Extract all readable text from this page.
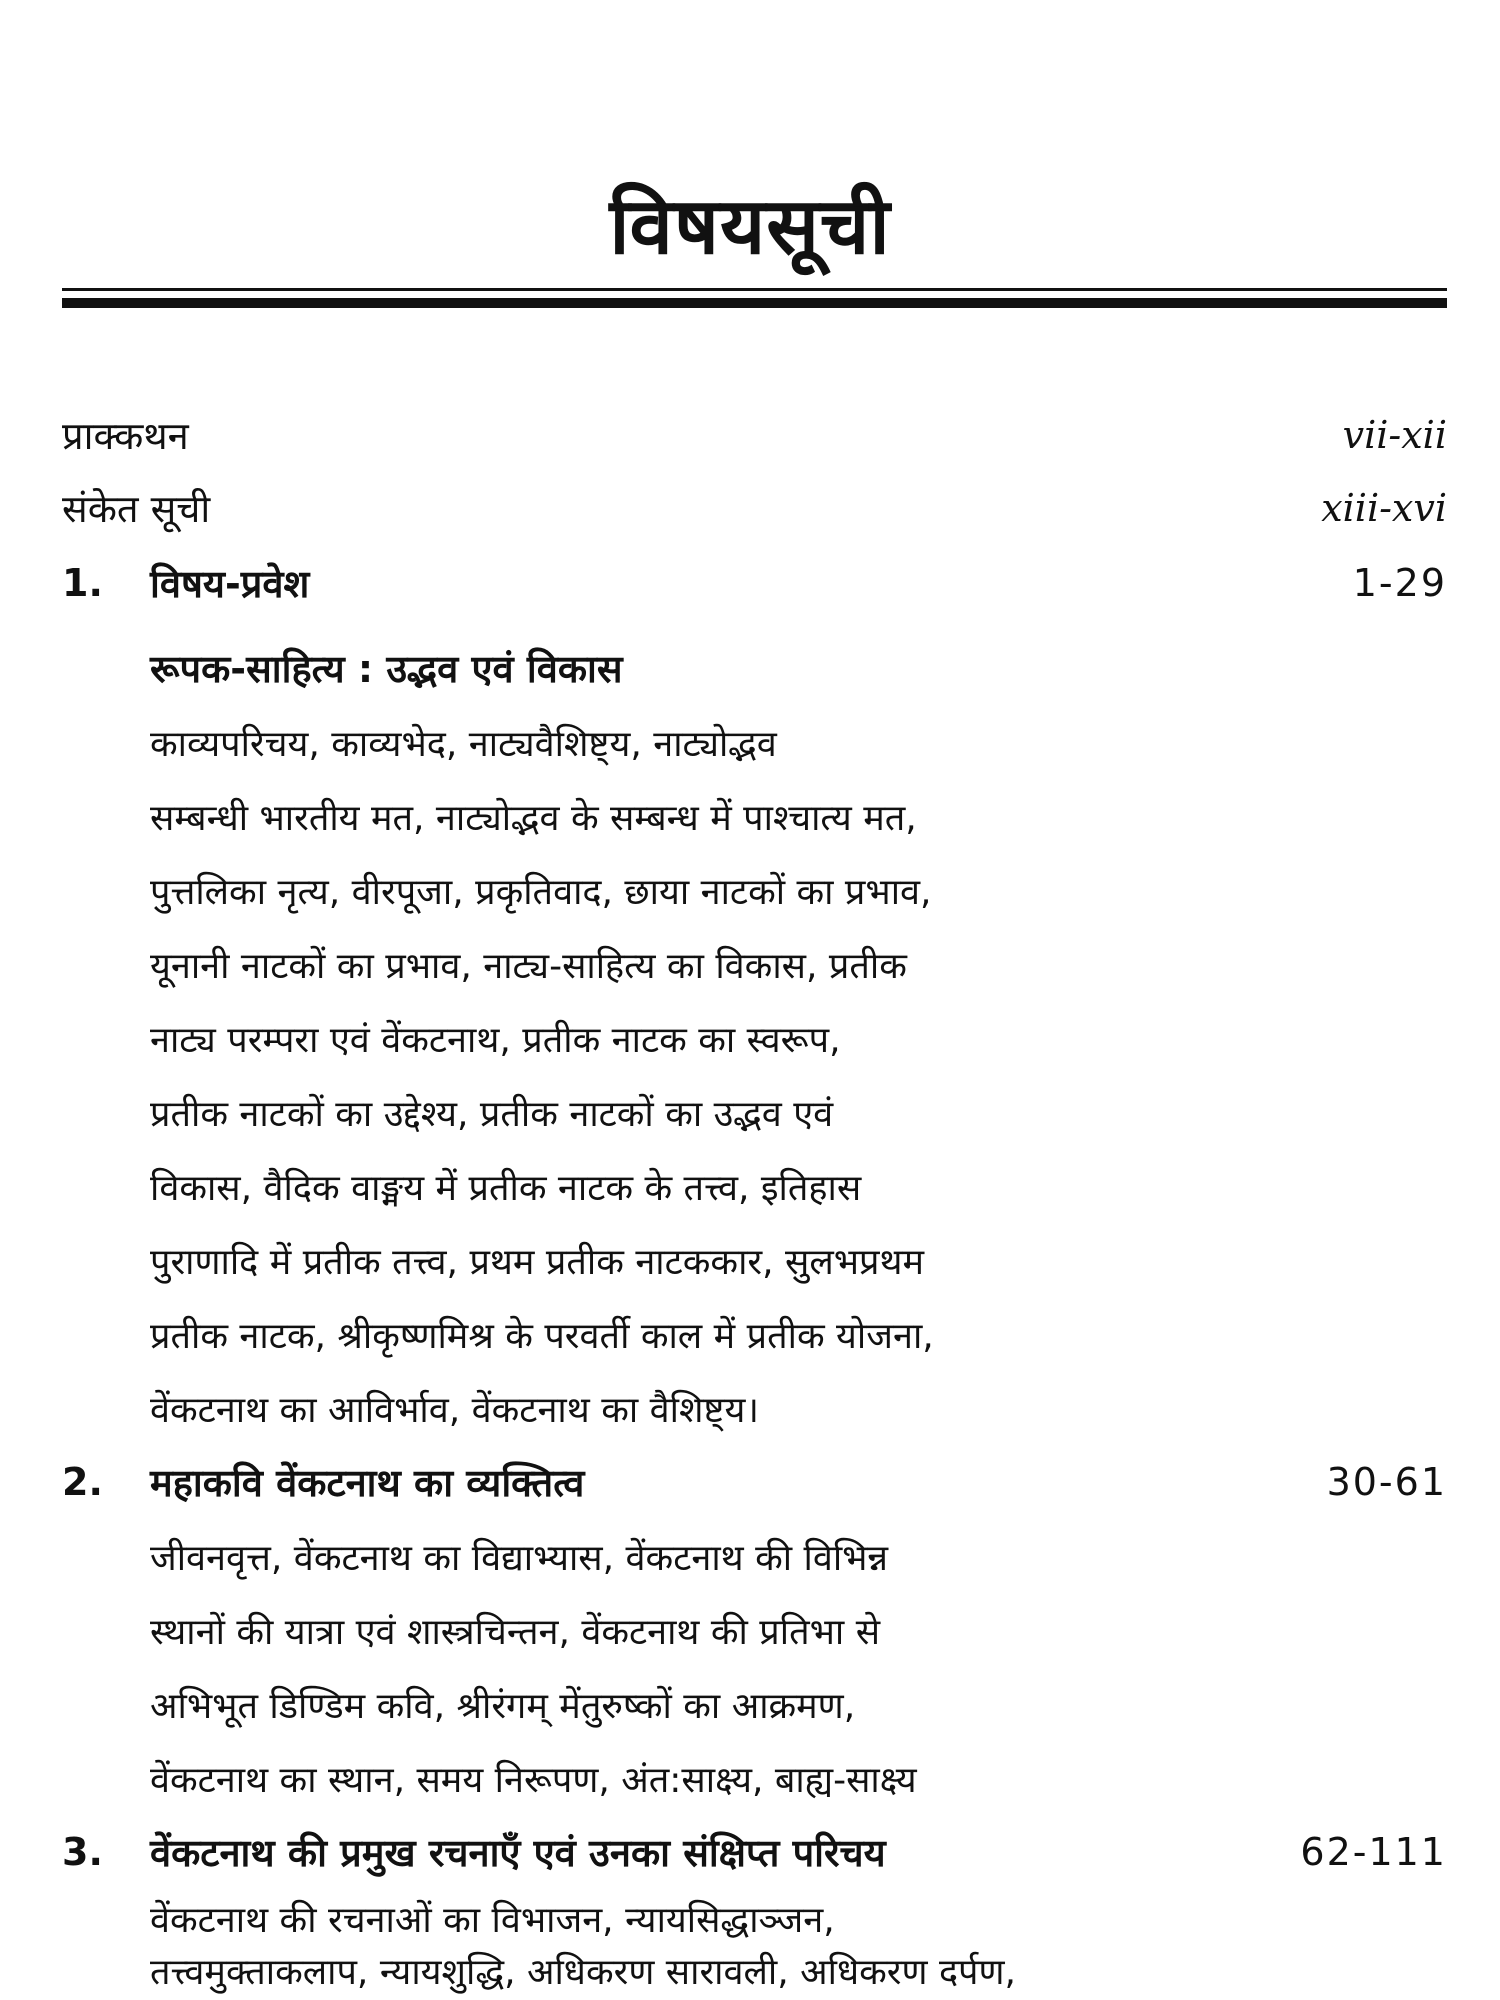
विषयसूची
प्राक्कथन	vii-xii
संकेत सूची	xiii-xvi
1.	विषय-प्रवेश	1-29
रूपक-साहित्य : उद्भव एवं विकास
काव्यपरिचय, काव्यभेद, नाट्यवैशिष्ट्य, नाट्योद्भव
सम्बन्धी भारतीय मत, नाट्योद्भव के सम्बन्ध में पाश्चात्य मत,
पुत्तलिका नृत्य, वीरपूजा, प्रकृतिवाद, छाया नाटकों का प्रभाव,
यूनानी नाटकों का प्रभाव, नाट्य-साहित्य का विकास, प्रतीक
नाट्य परम्परा एवं वेंकटनाथ, प्रतीक नाटक का स्वरूप,
प्रतीक नाटकों का उद्देश्य, प्रतीक नाटकों का उद्भव एवं
विकास, वैदिक वाङ्मय में प्रतीक नाटक के तत्त्व, इतिहास
पुराणादि में प्रतीक तत्त्व, प्रथम प्रतीक नाटककार, सुलभप्रथम
प्रतीक नाटक, श्रीकृष्णमिश्र के परवर्ती काल में प्रतीक योजना,
वेंकटनाथ का आविर्भाव, वेंकटनाथ का वैशिष्ट्य।
2.	महाकवि वेंकटनाथ का व्यक्तित्व	30-61
जीवनवृत्त, वेंकटनाथ का विद्याभ्यास, वेंकटनाथ की विभिन्न
स्थानों की यात्रा एवं शास्त्रचिन्तन, वेंकटनाथ की प्रतिभा से
अभिभूत डिण्डिम कवि, श्रीरंगम् मेंतुरुष्कों का आक्रमण,
वेंकटनाथ का स्थान, समय निरूपण, अंत:साक्ष्य, बाह्य-साक्ष्य
3.	वेंकटनाथ की प्रमुख रचनाएँ एवं उनका संक्षिप्त परिचय	62-111
वेंकटनाथ की रचनाओं का विभाजन, न्यायसिद्धाञ्जन,
तत्त्वमुक्ताकलाप, न्यायशुद्धि, अधिकरण सारावली, अधिकरण दर्पण,
